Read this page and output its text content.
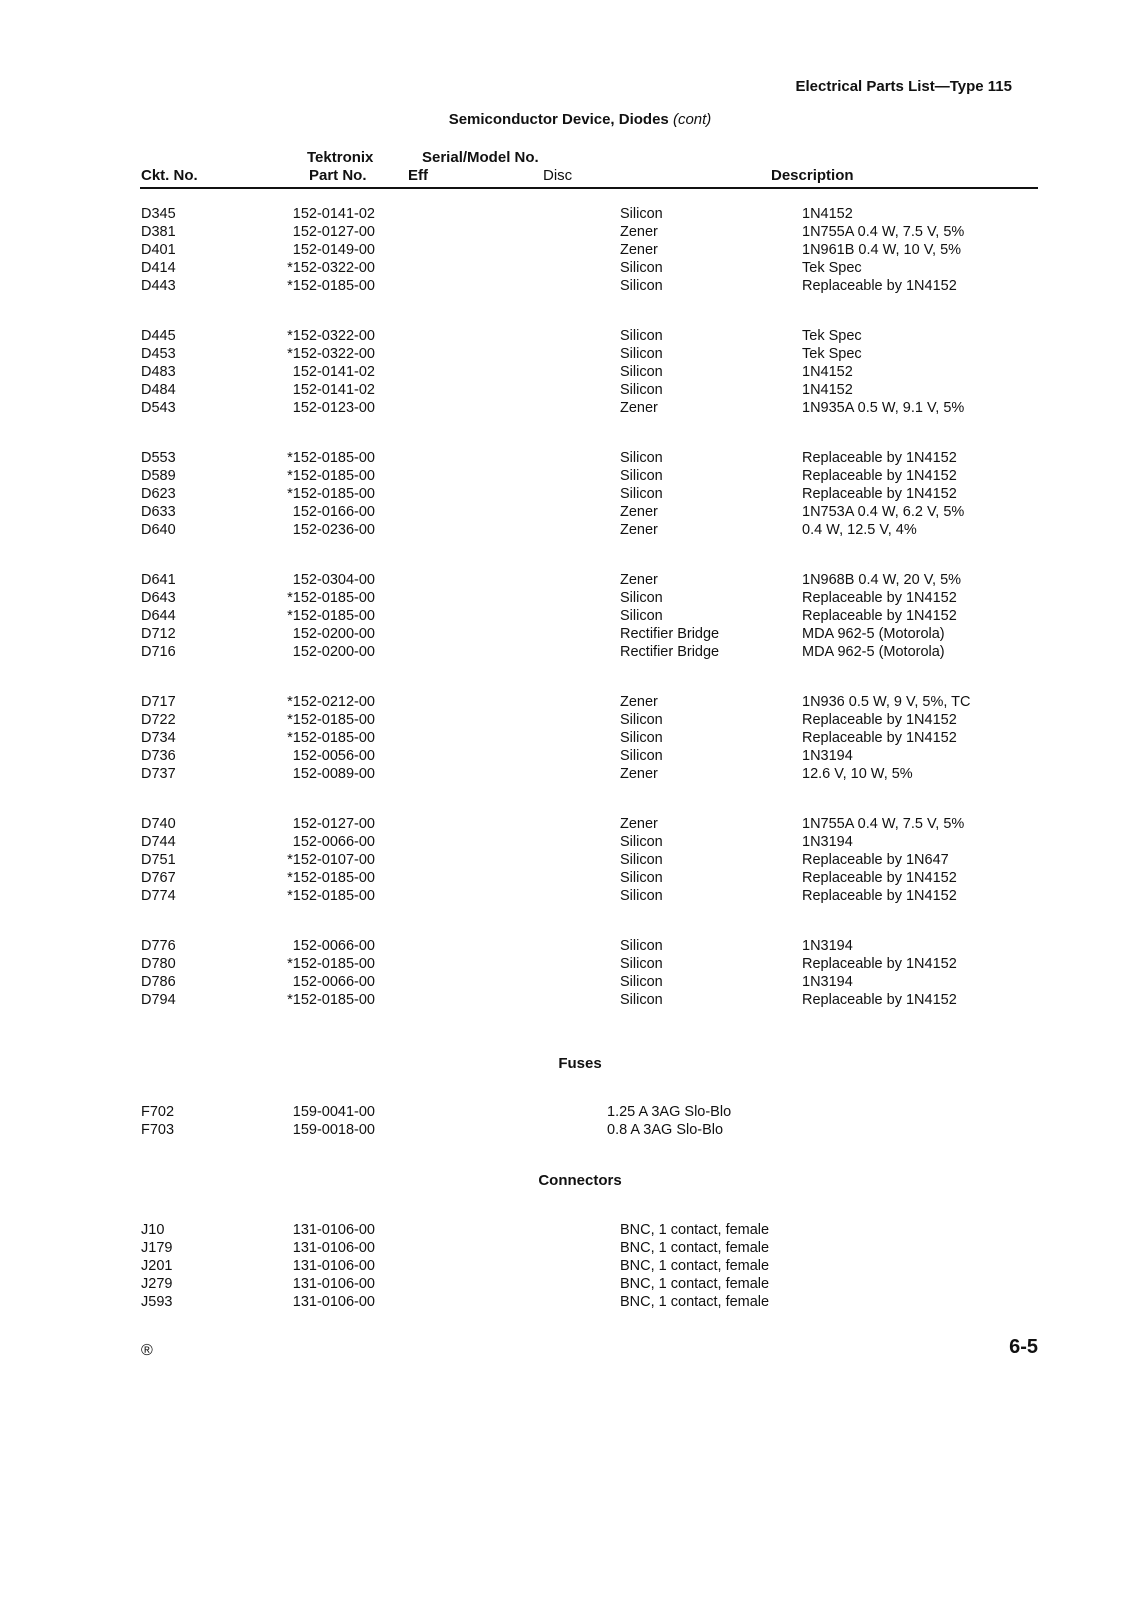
Electrical Parts List—Type 115
Semiconductor Device, Diodes (cont)
Tektronix	Serial/Model No.
Ckt. No.	Part No.	Eff	Disc	Description
D345	152-0141-02	Silicon	1N4152
D381	152-0127-00	Zener	1N755A 0.4 W, 7.5 V, 5%
D401	152-0149-00	Zener	1N961B 0.4 W, 10 V, 5%
D414	*152-0322-00	Silicon	Tek Spec
D443	*152-0185-00	Silicon	Replaceable by 1N4152
D445	*152-0322-00	Silicon	Tek Spec
D453	*152-0322-00	Silicon	Tek Spec
D483	152-0141-02	Silicon	1N4152
D484	152-0141-02	Silicon	1N4152
D543	152-0123-00	Zener	1N935A 0.5 W, 9.1 V, 5%
D553	*152-0185-00	Silicon	Replaceable by 1N4152
D589	*152-0185-00	Silicon	Replaceable by 1N4152
D623	*152-0185-00	Silicon	Replaceable by 1N4152
D633	152-0166-00	Zener	1N753A 0.4 W, 6.2 V, 5%
D640	152-0236-00	Zener	0.4 W, 12.5 V, 4%
D641	152-0304-00	Zener	1N968B 0.4 W, 20 V, 5%
D643	*152-0185-00	Silicon	Replaceable by 1N4152
D644	*152-0185-00	Silicon	Replaceable by 1N4152
D712	152-0200-00	Rectifier Bridge	MDA 962-5 (Motorola)
D716	152-0200-00	Rectifier Bridge	MDA 962-5 (Motorola)
D717	*152-0212-00	Zener	1N936 0.5 W, 9 V, 5%, TC
D722	*152-0185-00	Silicon	Replaceable by 1N4152
D734	*152-0185-00	Silicon	Replaceable by 1N4152
D736	152-0056-00	Silicon	1N3194
D737	152-0089-00	Zener	12.6 V, 10 W, 5%
D740	152-0127-00	Zener	1N755A 0.4 W, 7.5 V, 5%
D744	152-0066-00	Silicon	1N3194
D751	*152-0107-00	Silicon	Replaceable by 1N647
D767	*152-0185-00	Silicon	Replaceable by 1N4152
D774	*152-0185-00	Silicon	Replaceable by 1N4152
D776	152-0066-00	Silicon	1N3194
D780	*152-0185-00	Silicon	Replaceable by 1N4152
D786	152-0066-00	Silicon	1N3194
D794	*152-0185-00	Silicon	Replaceable by 1N4152
Fuses
F702	159-0041-00	1.25 A 3AG Slo-Blo
F703	159-0018-00	0.8 A 3AG Slo-Blo
Connectors
J10	131-0106-00	BNC, 1 contact, female
J179	131-0106-00	BNC, 1 contact, female
J201	131-0106-00	BNC, 1 contact, female
J279	131-0106-00	BNC, 1 contact, female
J593	131-0106-00	BNC, 1 contact, female
®	6-5
